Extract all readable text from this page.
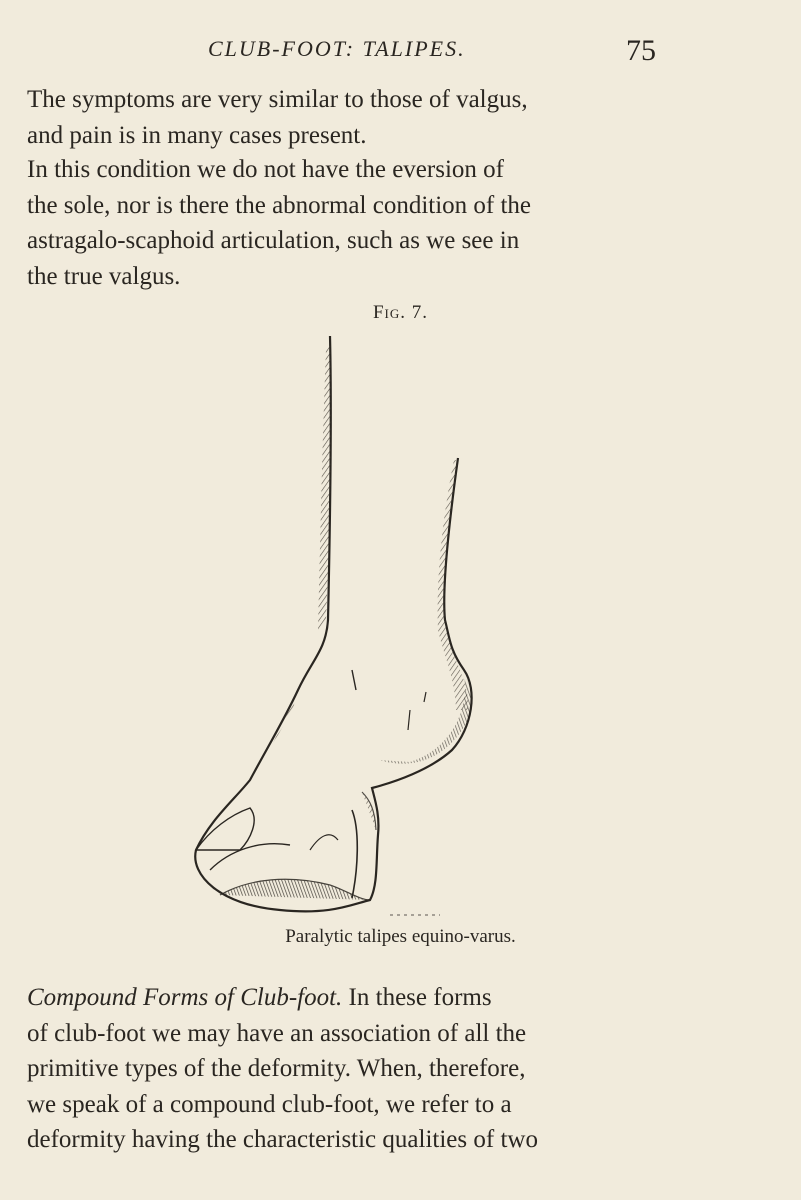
CLUB-FOOT: TALIPES.	75

The symptoms are very similar to those of valgus,
and pain is in many cases present.

In this condition we do not have the eversion of
the sole, nor is there the abnormal condition of the
astragalo-scaphoid articulation, such as we see in
the true valgus.

Fig. 7.
Paralytic talipes equino-varus.

Compound Forms of Club-foot. In these forms
of club-foot we may have an association of all the
primitive types of the deformity. When, therefore,
we speak of a compound club-foot, we refer to a
deformity having the characteristic qualities of two
